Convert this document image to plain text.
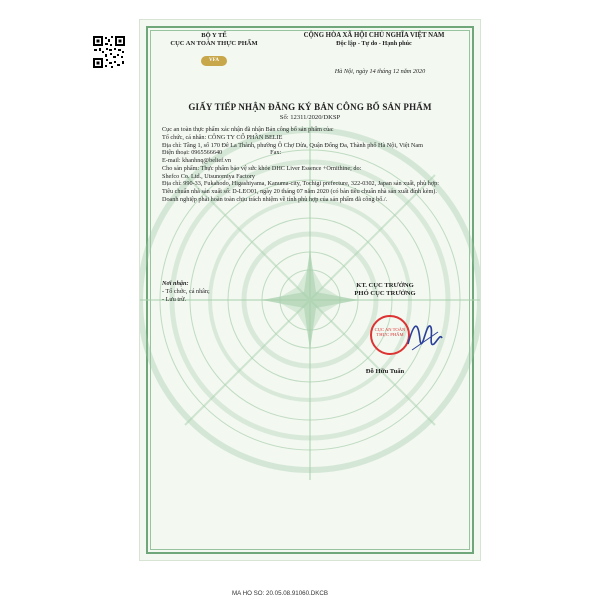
BỘ Y TẾ
CỤC AN TOÀN THỰC PHẨM
VFA
CỘNG HÒA XÃ HỘI CHỦ NGHĨA VIỆT NAM
Độc lập - Tự do - Hạnh phúc
Hà Nội, ngày 14 tháng 12 năm 2020
GIẤY TIẾP NHẬN ĐĂNG KÝ BẢN CÔNG BỐ SẢN PHẨM
Số: 12311/2020/DKSP
Cục an toàn thực phẩm xác nhận đã nhận Bản công bố sản phẩm của:
Tổ chức, cá nhân: CÔNG TY CỔ PHẦN BELIE
Địa chỉ: Tầng 1, số 170 Đê La Thành, phường Ô Chợ Dừa, Quận Đống Đa, Thành phố Hà Nội, Việt Nam
Điện thoại: 0965566640	Fax:
E-mail: khanhnq@belief.vn
Cho sản phẩm: Thực phẩm bảo vệ sức khỏe DHC Liver Essence +Ornithine; do:
Shefco Co. Ltd., Utsunomiya Factory
Địa chỉ: 990-33, Fukahodo, Higashiyama, Kanuma-city, Tochigi prefecture, 322-0302, Japan sản xuất, phù hợp:
Tiêu chuẩn nhà sản xuất số: D-LEO01, ngày 20 tháng 07 năm 2020 (có bản tiêu chuẩn nhà sản xuất đính kèm).
Doanh nghiệp phải hoàn toàn chịu trách nhiệm về tính phù hợp của sản phẩm đã công bố./.
Nơi nhận:
- Tổ chức, cá nhân;
- Lưu trữ.
KT. CỤC TRƯỞNG
PHÓ CỤC TRƯỞNG
CỤC AN TOÀN THỰC PHẨM
Đỗ Hữu Tuấn
MA HO SO: 20.05.08.91060.DKCB
